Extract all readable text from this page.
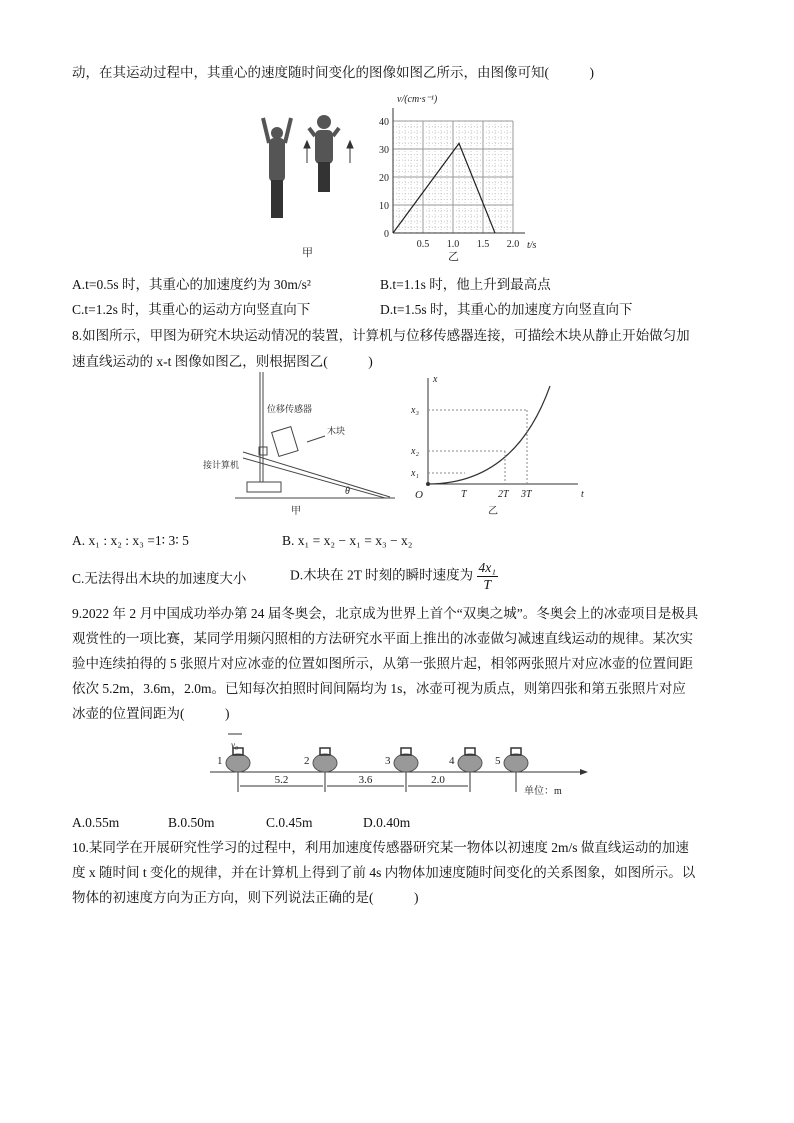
动，在其运动过程中，其重心的速度随时间变化的图像如图乙所示，由图像可知(　　　)
甲
0
10
20
30
40
0.5 1.0 1.5 2.0
v/(cm·s⁻¹)
t/s
乙
A.t=0.5s 时，其重心的加速度约为 30m/s²	B.t=1.1s 时，他上升到最高点
C.t=1.2s 时，其重心的运动方向竖直向下	D.t=1.5s 时，其重心的加速度方向竖直向下
8.如图所示，甲图为研究木块运动情况的装置，计算机与位移传感器连接，可描绘木块从静止开始做匀加
速直线运动的 x-t 图像如图乙，则根据图乙(　　　)
位移传感器
木块
接计算机
θ
甲
x
t
O	T	2T 3T
x₁
x₂
x₃
乙
A. x₁ : x₂ : x₃ =1∶ 3∶ 5	B. x₁ = x₂ − x₁ = x₃ − x₂
C.无法得出木块的加速度大小	D.木块在 2T 时刻的瞬时速度为 $\frac{\text{4x₁}}{T}$
9.2022 年 2 月中国成功举办第 24 届冬奥会，北京成为世界上首个“双奥之城”。冬奥会上的冰壶项目是极具
观赏性的一项比赛，某同学用频闪照相的方法研究水平面上推出的冰壶做匀减速直线运动的规律。某次实
验中连续拍得的 5 张照片对应冰壶的位置如图所示，从第一张照片起，相邻两张照片对应冰壶的位置间距
依次 5.2m，3.6m，2.0m。已知每次拍照时间间隔均为 1s，冰壶可视为质点，则第四张和第五张照片对应
冰壶的位置间距为(　　　)
v₀
1	2	3	4	5
5.2	3.6	2.0
单位：m
A.0.55m	B.0.50m	C.0.45m	D.0.40m
10.某同学在开展研究性学习的过程中，利用加速度传感器研究某一物体以初速度 2m/s 做直线运动的加速
度 x 随时间 t 变化的规律，并在计算机上得到了前 4s 内物体加速度随时间变化的关系图象，如图所示。以
物体的初速度方向为正方向，则下列说法正确的是(　　　)
